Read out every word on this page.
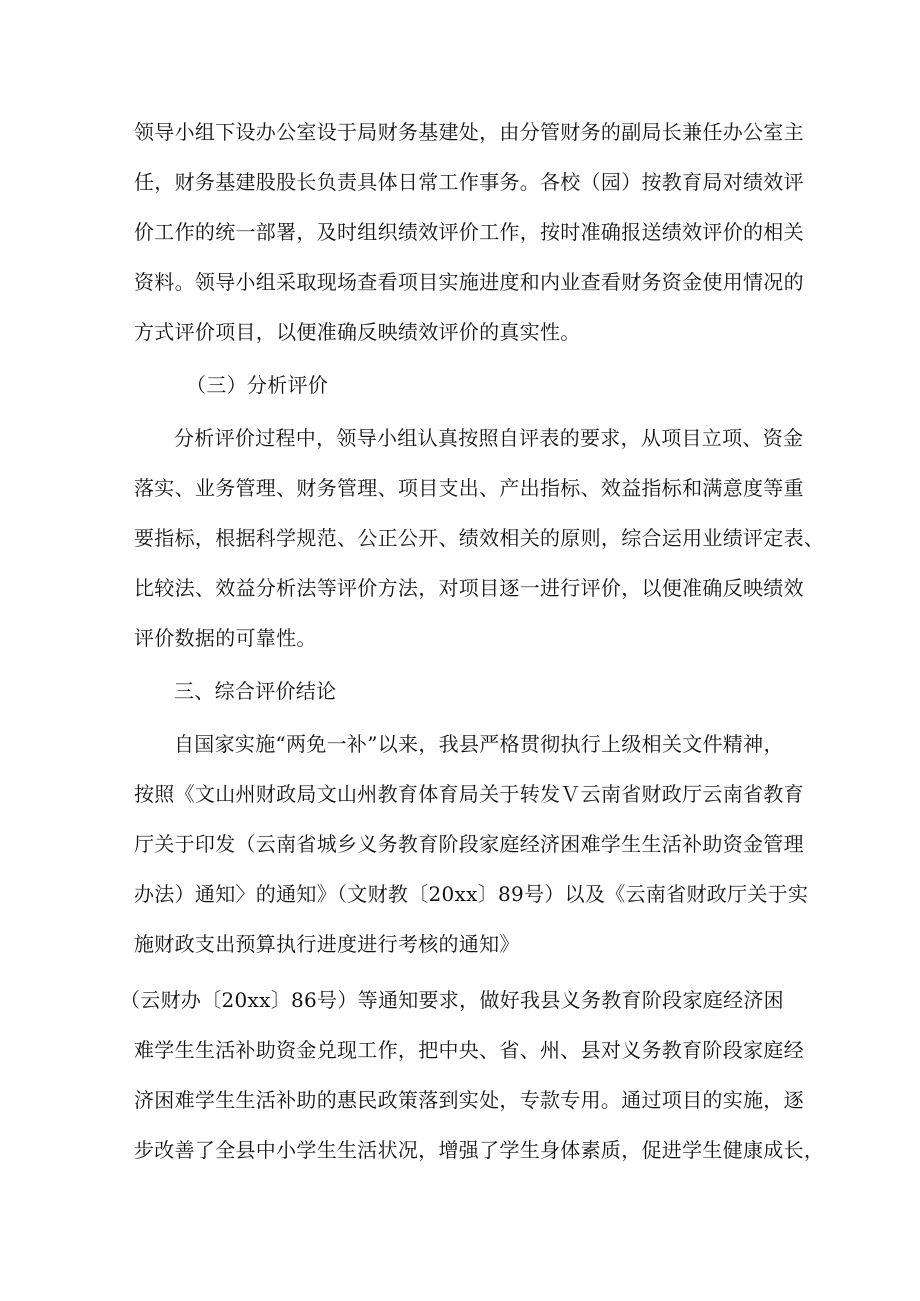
领导小组下设办公室设于局财务基建处，由分管财务的副局长兼任办公室主
任，财务基建股股长负责具体日常工作事务。各校（园）按教育局对绩效评
价工作的统一部署，及时组织绩效评价工作，按时准确报送绩效评价的相关
资料。领导小组采取现场查看项目实施进度和内业查看财务资金使用情况的
方式评价项目，以便准确反映绩效评价的真实性。
（三）分析评价
分析评价过程中，领导小组认真按照自评表的要求，从项目立项、资金
落实、业务管理、财务管理、项目支出、产出指标、效益指标和满意度等重
要指标，根据科学规范、公正公开、绩效相关的原则，综合运用业绩评定表、
比较法、效益分析法等评价方法，对项目逐一进行评价，以便准确反映绩效
评价数据的可靠性。
三、综合评价结论
自国家实施“两免一补”以来，我县严格贯彻执行上级相关文件精神，
按照《文山州财政局文山州教育体育局关于转发Ｖ云南省财政厅云南省教育
厅关于印发（云南省城乡义务教育阶段家庭经济困难学生生活补助资金管理
办法）通知〉的通知》（文财教〔20xx〕89号）以及《云南省财政厅关于实
施财政支出预算执行进度进行考核的通知》
（云财办〔20xx〕86号）等通知要求，做好我县义务教育阶段家庭经济困
难学生生活补助资金兑现工作，把中央、省、州、县对义务教育阶段家庭经
济困难学生生活补助的惠民政策落到实处，专款专用。通过项目的实施，逐
步改善了全县中小学生生活状况，增强了学生身体素质，促进学生健康成长，
